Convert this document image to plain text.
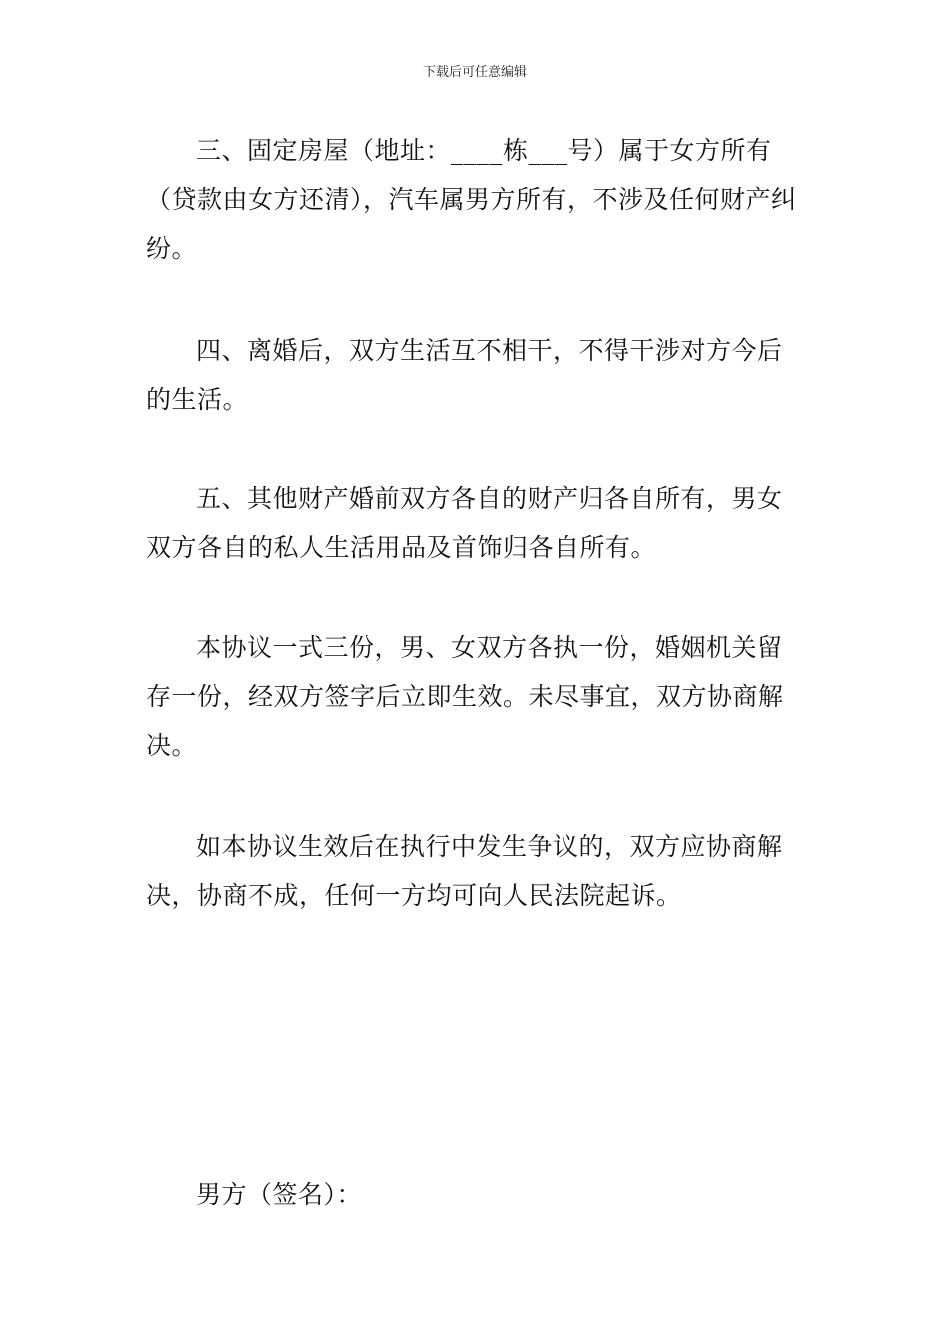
下载后可任意编辑

三、固定房屋（地址：____栋___号）属于女方所有（贷款由女方还清），汽车属男方所有，不涉及任何财产纠纷。

四、离婚后，双方生活互不相干，不得干涉对方今后的生活。

五、其他财产婚前双方各自的财产归各自所有，男女双方各自的私人生活用品及首饰归各自所有。

本协议一式三份，男、女双方各执一份，婚姻机关留存一份，经双方签字后立即生效。未尽事宜，双方协商解决。

如本协议生效后在执行中发生争议的，双方应协商解决，协商不成，任何一方均可向人民法院起诉。

男方（签名）：
